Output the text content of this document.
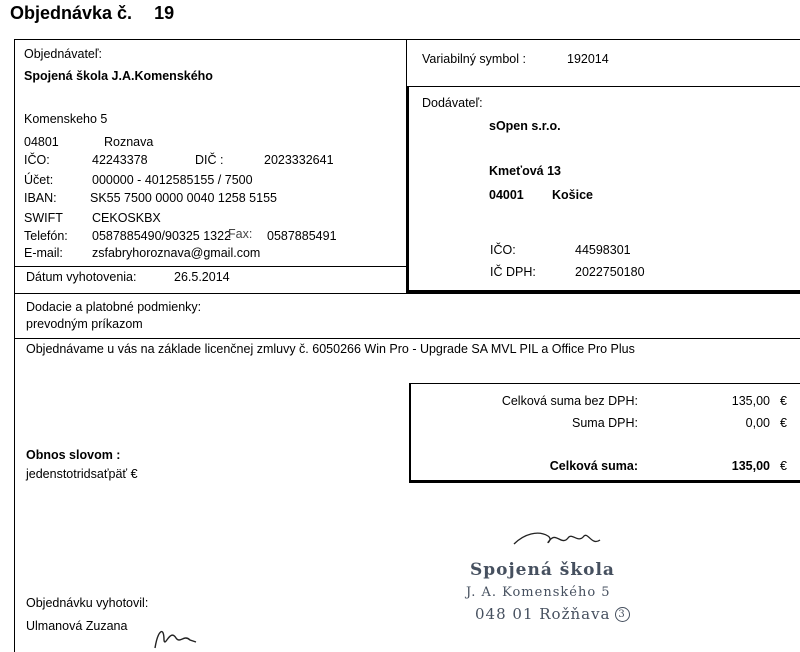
Objednávka č. 19
Objednávateľ:
Spojená škola J.A.Komenského
Komenskeho 5
04801	Roznava
IČO:	42243378	DIČ :	2023332641
Účet:	000000 - 4012585155 / 7500
IBAN:	SK55 7500 0000 0040 1258 5155
SWIFT CEKOSKBX
Telefón: 0587885490/90325 1322
Fax: 0587885491
E-mail: zsfabryhoroznava@gmail.com
Dátum vyhotovenia:	26.5.2014
Variabilný symbol :	192014
Dodávateľ:
sOpen s.r.o.
Kmeťová 13
04001 Košice
IČO:	44598301
IČ DPH:	2022750180
Dodacie a platobné podmienky:
prevodným príkazom
Objednávame u vás na základe licenčnej zmluvy č. 6050266 Win Pro - Upgrade SA MVL PIL a Office Pro Plus
Celková suma bez DPH:	135,00 €
Suma DPH:	0,00 €
Celková suma:	135,00 €
Obnos slovom :
jedenstotridsaťpäť €
Objednávku vyhotovil:
Ulmanová Zuzana
Spojená škola
J. A. Komenského 5
048 01 Rožňava 3
